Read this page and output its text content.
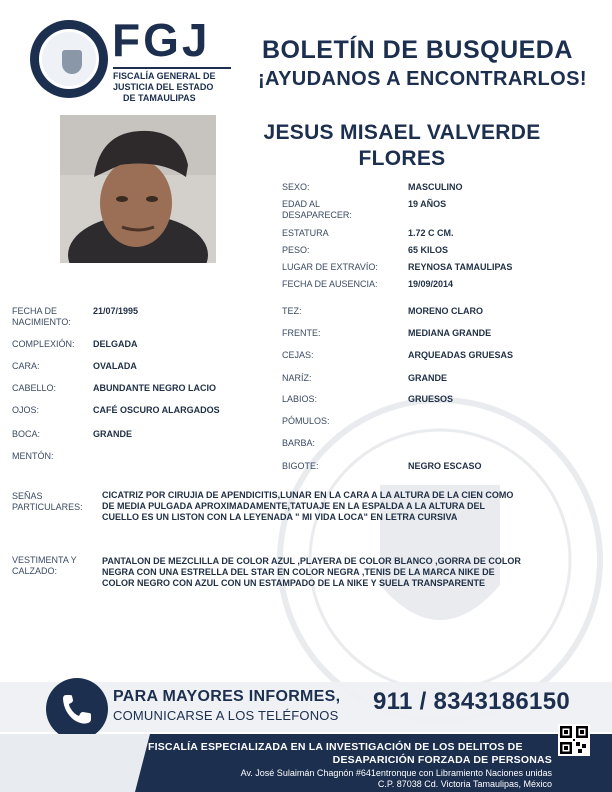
FGJ
FISCALÍA GENERAL DE
JUSTICIA DEL ESTADO
DE TAMAULIPAS
BOLETÍN DE BUSQUEDA
¡AYUDANOS A ENCONTRARLOS!
JESUS MISAEL VALVERDE
FLORES
SEXO:	MASCULINO
EDAD AL
DESAPARECER:
19 AÑOS
ESTATURA	1.72 C CM.
PESO:	65 KILOS
LUGAR DE EXTRAVÍO:	REYNOSA TAMAULIPAS
FECHA DE AUSENCIA:	19/09/2014
FECHA DE
NACIMIENTO:
21/07/1995
COMPLEXIÓN: DELGADA
CARA:	OVALADA
CABELLO:	ABUNDANTE NEGRO LACIO
OJOS:	CAFÉ OSCURO ALARGADOS
BOCA:	GRANDE
MENTÓN:
TEZ:	MORENO CLARO
FRENTE:	MEDIANA GRANDE
CEJAS:	ARQUEADAS GRUESAS
NARÍZ:	GRANDE
LABIOS:	GRUESOS
PÓMULOS:
BARBA:
BIGOTE:	NEGRO ESCASO
SEÑAS
PARTICULARES:
CICATRIZ POR CIRUJIA DE APENDICITIS,LUNAR EN LA CARA A LA ALTURA DE LA CIEN COMO
DE MEDIA PULGADA APROXIMADAMENTE,TATUAJE EN LA ESPALDA A LA ALTURA DEL
CUELLO ES UN LISTON CON LA LEYENADA " MI VIDA LOCA" EN LETRA CURSIVA
VESTIMENTA Y
CALZADO:
PANTALON DE MEZCLILLA DE COLOR AZUL ,PLAYERA DE COLOR BLANCO ,GORRA DE COLOR
NEGRA CON UNA ESTRELLA DEL STAR EN COLOR NEGRA ,TENIS DE LA MARCA NIKE DE
COLOR NEGRO CON AZUL CON UN ESTAMPADO DE LA NIKE Y SUELA TRANSPARENTE
PARA MAYORES INFORMES,
COMUNICARSE A LOS TELÉFONOS
911 / 8343186150
FISCALÍA ESPECIALIZADA EN LA INVESTIGACIÓN DE LOS DELITOS DE
DESAPARICIÓN FORZADA DE PERSONAS
Av. José Sulaimán Chagnón #641entronque con Libramiento Naciones unidas
C.P. 87038 Cd. Victoria Tamaulipas, México
